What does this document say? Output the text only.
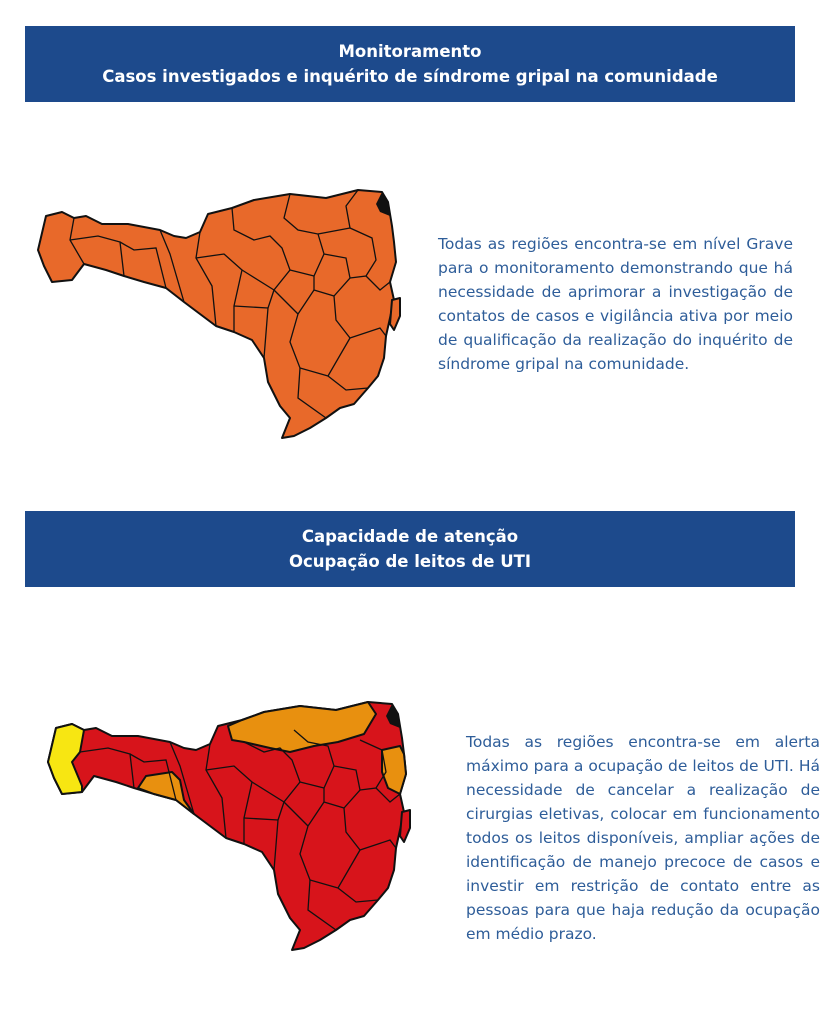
Monitoramento
Casos investigados e inquérito de síndrome gripal na comunidade

Todas as regiões encontra-se em nível Grave para o monitoramento demonstrando que há necessidade de aprimorar a investigação de contatos de casos e vigilância ativa por meio de qualificação da realização do inquérito de síndrome gripal na comunidade.

Capacidade de atenção
Ocupação de leitos de UTI

Todas as regiões encontra-se em alerta máximo para a ocupação de leitos de UTI. Há necessidade de cancelar a realização de cirurgias eletivas, colocar em funcionamento todos os leitos disponíveis, ampliar ações de identificação de manejo precoce de casos e investir em restrição de contato entre as pessoas para que haja redução da ocupação em médio prazo.
